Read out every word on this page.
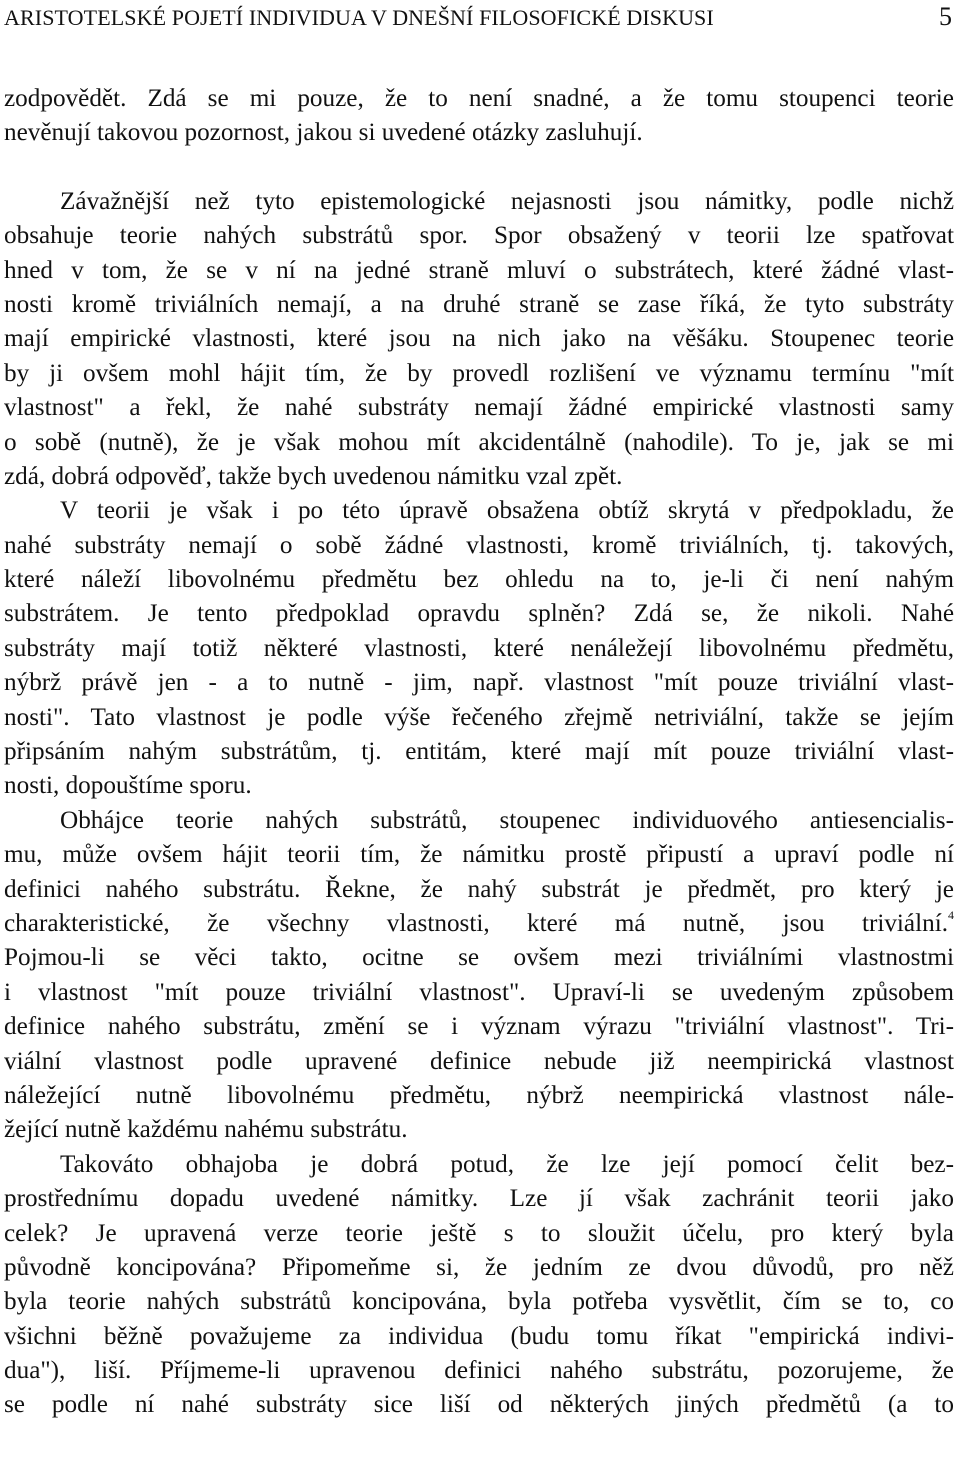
ARISTOTELSKÉ POJETÍ INDIVIDUA V DNEŠNÍ FILOSOFICKÉ DISKUSI	5
zodpovědět. Zdá se mi pouze, že to není snadné, a že tomu stoupenci teorie
nevěnují takovou pozornost, jakou si uvedené otázky zasluhují.
Závažnější než tyto epistemologické nejasnosti jsou námitky, podle nichž
obsahuje teorie nahých substrátů spor. Spor obsažený v teorii lze spatřovat
hned v tom, že se v ní na jedné straně mluví o substrátech, které žádné vlast-
nosti kromě triviálních nemají, a na druhé straně se zase říká, že tyto substráty
mají empirické vlastnosti, které jsou na nich jako na věšáku. Stoupenec teorie
by ji ovšem mohl hájit tím, že by provedl rozlišení ve významu termínu "mít
vlastnost" a řekl, že nahé substráty nemají žádné empirické vlastnosti samy
o sobě (nutně), že je však mohou mít akcidentálně (nahodile). To je, jak se mi
zdá, dobrá odpověď, takže bych uvedenou námitku vzal zpět.
V teorii je však i po této úpravě obsažena obtíž skrytá v předpokladu, že
nahé substráty nemají o sobě žádné vlastnosti, kromě triviálních, tj. takových,
které náleží libovolnému předmětu bez ohledu na to, je-li či není nahým
substrátem. Je tento předpoklad opravdu splněn? Zdá se, že nikoli. Nahé
substráty mají totiž některé vlastnosti, které nenáležejí libovolnému předmětu,
nýbrž právě jen - a to nutně - jim, např. vlastnost "mít pouze triviální vlast-
nosti". Tato vlastnost je podle výše řečeného zřejmě netriviální, takže se jejím
připsáním nahým substrátům, tj. entitám, které mají mít pouze triviální vlast-
nosti, dopouštíme sporu.
Obhájce teorie nahých substrátů, stoupenec individuového antiesencialis-
mu, může ovšem hájit teorii tím, že námitku prostě připustí a upraví podle ní
definici nahého substrátu. Řekne, že nahý substrát je předmět, pro který je
charakteristické, že všechny vlastnosti, které má nutně, jsou triviální.$^4$
Pojmou-li se věci takto, ocitne se ovšem mezi triviálními vlastnostmi
i vlastnost "mít pouze triviální vlastnost". Upraví-li se uvedeným způsobem
definice nahého substrátu, změní se i význam výrazu "triviální vlastnost". Tri-
viální vlastnost podle upravené definice nebude již neempirická vlastnost
náležející nutně libovolnému předmětu, nýbrž neempirická vlastnost nále-
žející nutně každému nahému substrátu.
Takováto obhajoba je dobrá potud, že lze její pomocí čelit bez-
prostřednímu dopadu uvedené námitky. Lze jí však zachránit teorii jako
celek? Je upravená verze teorie ještě s to sloužit účelu, pro který byla
původně koncipována? Připomeňme si, že jedním ze dvou důvodů, pro něž
byla teorie nahých substrátů koncipována, byla potřeba vysvětlit, čím se to, co
všichni běžně považujeme za individua (budu tomu říkat "empirická indivi-
dua"), liší. Příjmeme-li upravenou definici nahého substrátu, pozorujeme, že
se podle ní nahé substráty sice liší od některých jiných předmětů (a to
